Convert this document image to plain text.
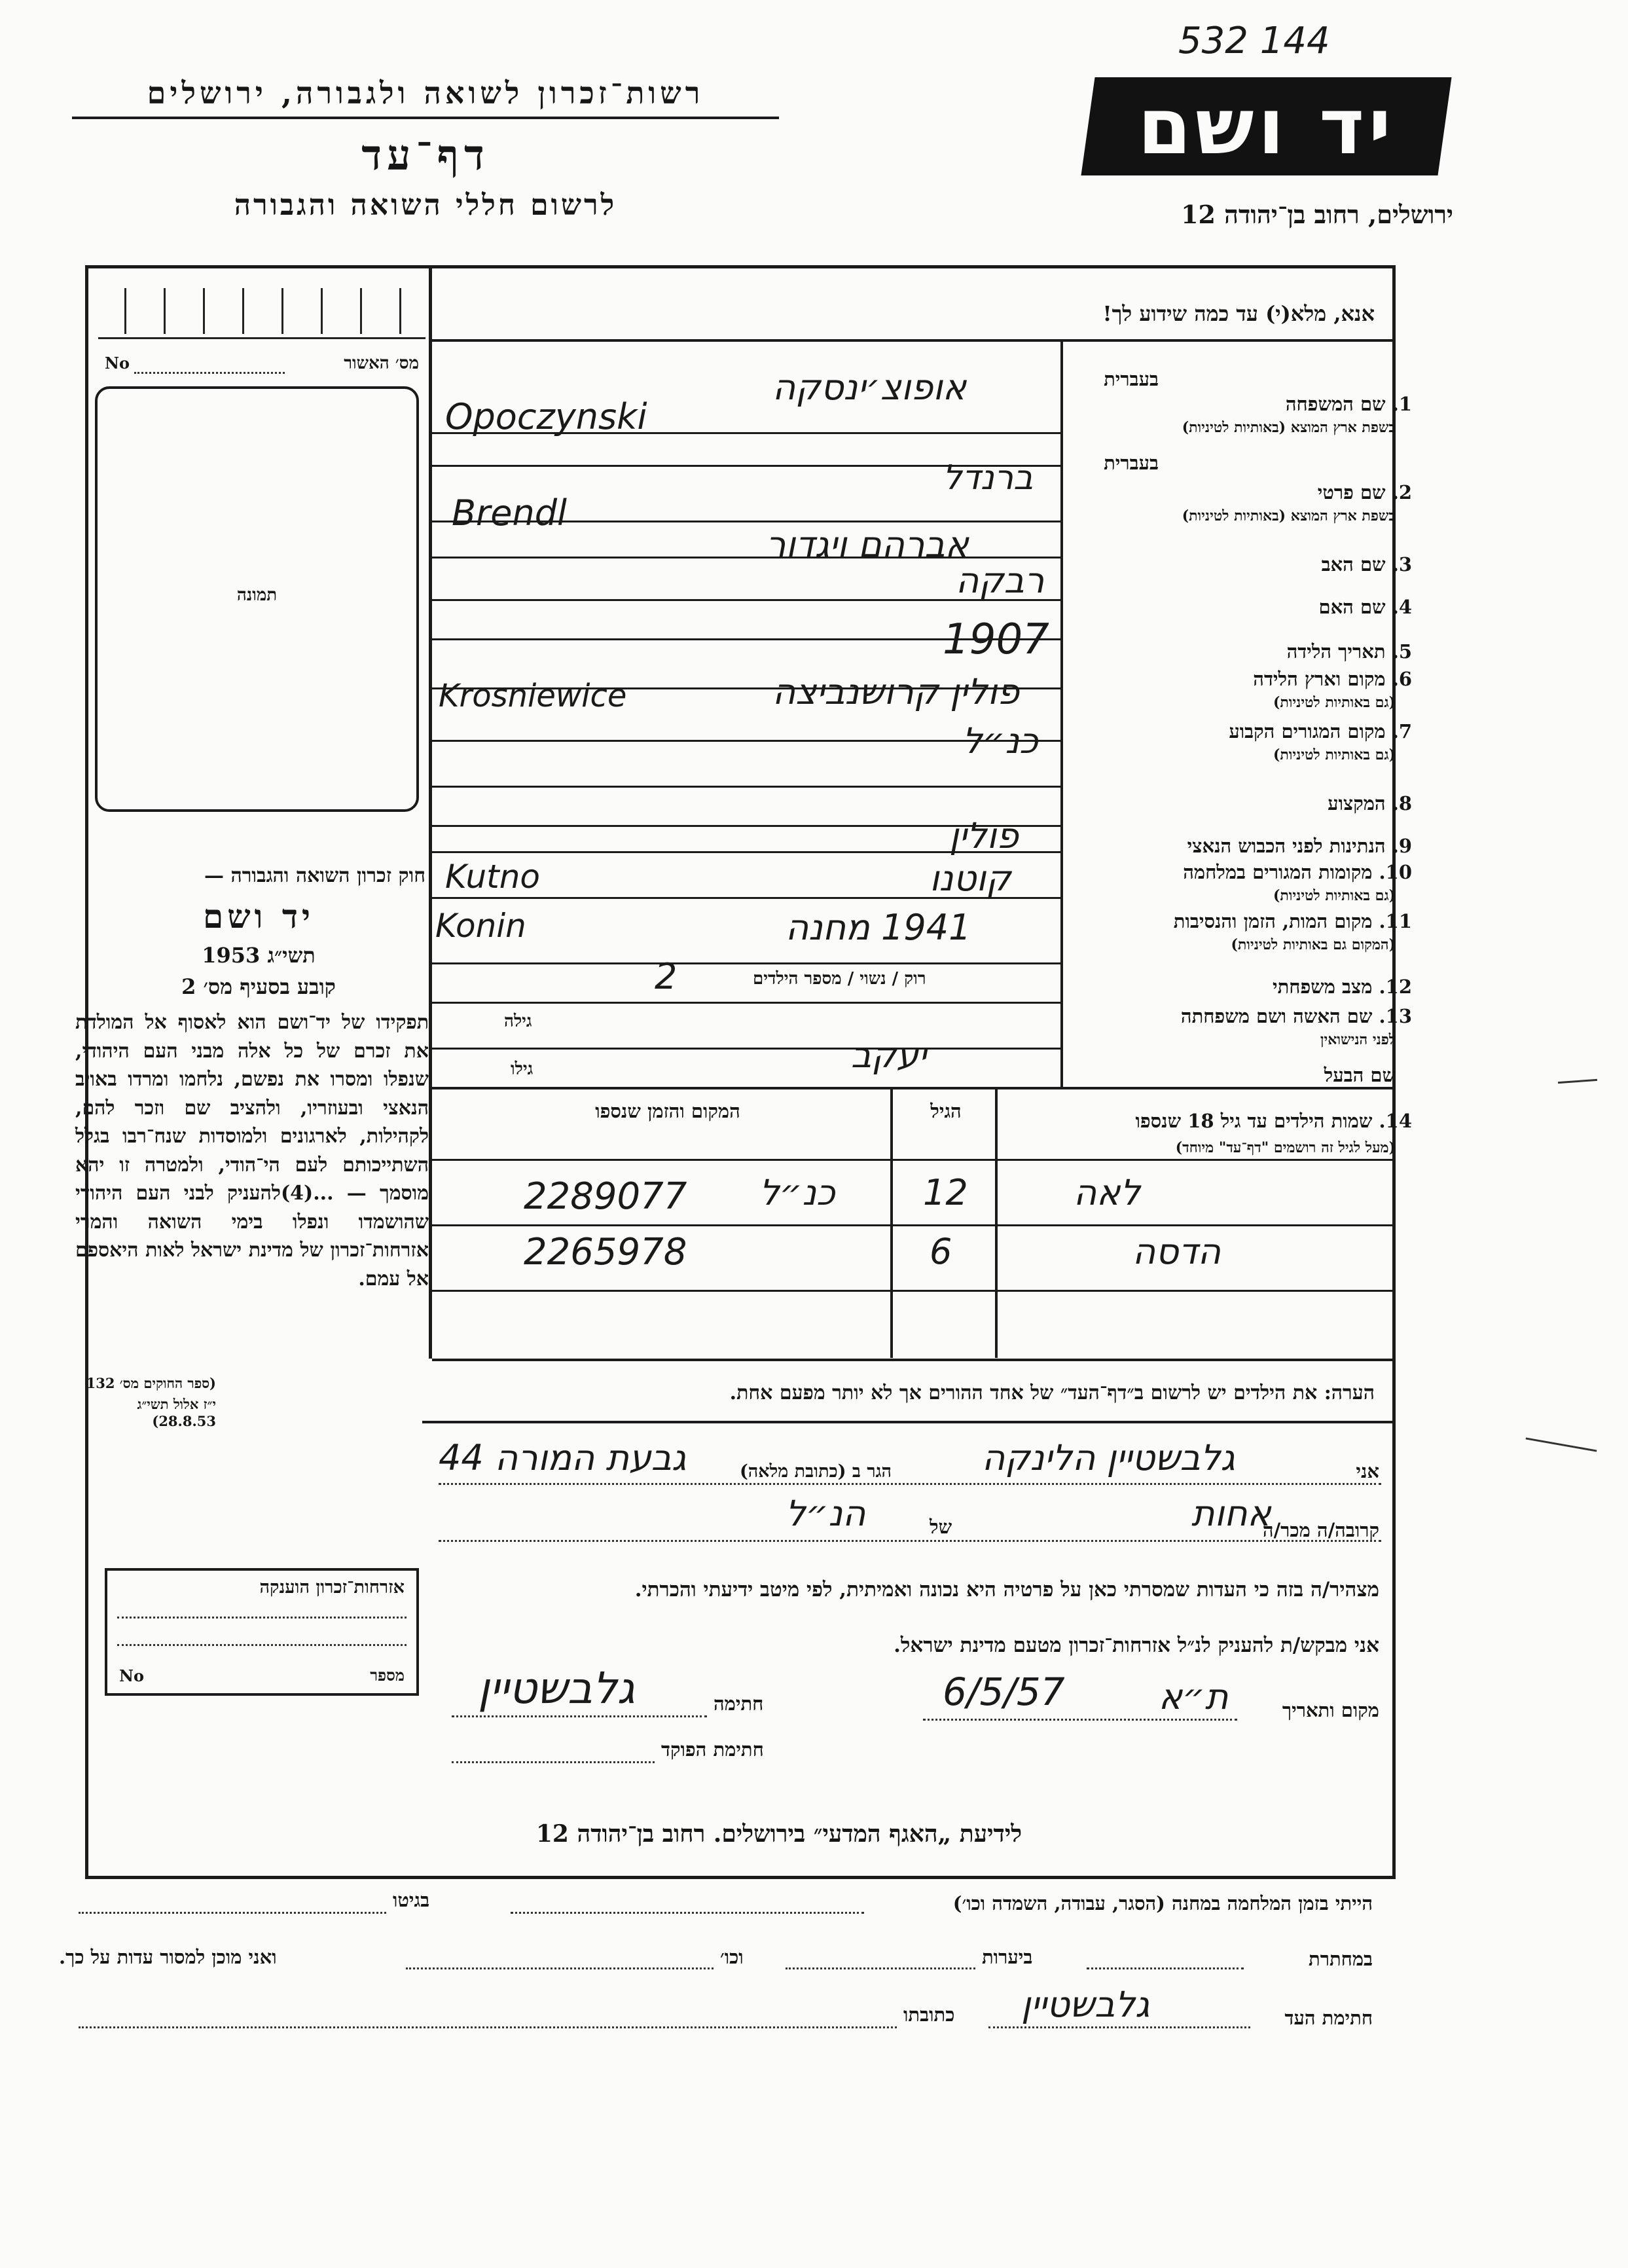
532 144
רשות־זכרון לשואה ולגבורה, ירושלים
דף־עד
לרשום חללי השואה והגבורה
יד ושם
ירושלים, רחוב בן־יהודה 12
מס׳ האשור
No
תמונה
חוק זכרון השואה והגבורה —
יד ושם
תשי״ג 1953
קובע בסעיף מס׳ 2
תפקידו של יד־ושם הוא לאסוף אל המולדת את זכרם של כל אלה מבני העם היהודי, שנפלו ומסרו את נפשם, נלחמו ומרדו באויב הנאצי ובעוזריו, ולהציב שם וזכר להם, לקהילות, לארגונים ולמוסדות שנח־רבו בגלל השתייכותם לעם הי־הודי, ולמטרה זו יהא מוסמך — ...(4)להעניק לבני העם היהודי שהושמדו ונפלו בימי השואה והמרי אזרחות־זכרון של מדינת ישראל לאות היאספם אל עמם.
(ספר החוקים מס׳ 132
י״ז אלול תשי״ג 28.8.53)
אזרחות־זכרון הוענקה
מספר
No
אנא, מלא(י) עד כמה שידוע לך!
בעברית
1. שם המשפחה
בשפת ארץ המוצא (באותיות לטיניות)
אופוצ׳ינסקה
Opoczynski
בעברית
2. שם פרטי
בשפת ארץ המוצא (באותיות לטיניות)
ברנדל
Brendl
3. שם האב
אברהם ויגדור
4. שם האם
רבקה
5. תאריך הלידה
1907
6. מקום וארץ הלידה
(גם באותיות לטיניות)
פולין קרושנביצה
Krosniewice
7. מקום המגורים הקבוע
(גם באותיות לטיניות)
כנ״ל
8. המקצוע
9. הנתינות לפני הכבוש הנאצי
פולין
10. מקומות המגורים במלחמה
(גם באותיות לטיניות)
קוטנו
Kutno
11. מקום המות, הזמן והנסיבות
(המקום גם באותיות לטיניות)
1941 מחנה
Konin
12. מצב משפחתי
רוק / נשוי / מספר הילדים
2
13. שם האשה ושם משפחתה
לפני הנישואין
גילה
גילו	שם הבעל
יעקב
14. שמות הילדים עד גיל 18 שנספו
(מעל לגיל זה רושמים "דף־עד" מיוחד)
הגיל
המקום והזמן שנספו
לאה
12
כנ״ל
2289077
הדסה
6
2265978
הערה: את הילדים יש לרשום ב״דף־העד״ של אחד ההורים אך לא יותר מפעם אחת.
אני
גלבשטיין הלינקה
הגר ב (כתובת מלאה)
גבעת המורה 44
קרובה/ה מכר/ה
אחות
של
הנ״ל
מצהיר/ה בזה כי העדות שמסרתי כאן על פרטיה היא נכונה ואמיתית, לפי מיטב ידיעתי והכרתי.
אני מבקש/ת להעניק לנ״ל אזרחות־זכרון מטעם מדינת ישראל.
מקום ותאריך
ת״א
6/5/57
חתימה
גלבשטיין
חתימת הפוקד
לידיעת „האגף המדעי״ בירושלים. רחוב בן־יהודה 12
הייתי בזמן המלחמה במחנה (הסגר, עבודה, השמדה וכו׳)
בגיטו
במחתרת
ביערות
וכו׳
ואני מוכן למסור עדות על כך.
חתימת העד
גלבשטיין
כתובתו
